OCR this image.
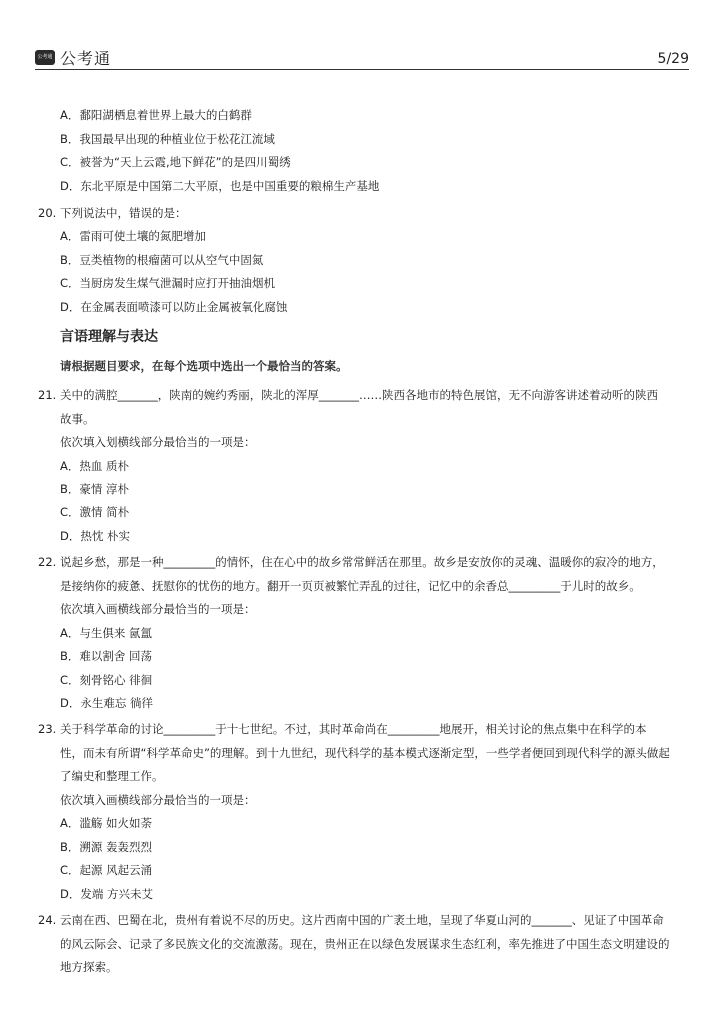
公考通 公考通	5/29
A．鄱阳湖栖息着世界上最大的白鹤群
B．我国最早出现的种植业位于松花江流域
C．被誉为“天上云霞,地下鲜花”的是四川蜀绣
D．东北平原是中国第二大平原，也是中国重要的粮棉生产基地
20. 下列说法中，错误的是：
A．雷雨可使土壤的氮肥增加
B．豆类植物的根瘤菌可以从空气中固氮
C．当厨房发生煤气泄漏时应打开抽油烟机
D．在金属表面喷漆可以防止金属被氧化腐蚀
言语理解与表达
请根据题目要求，在每个选项中选出一个最恰当的答案。
21. 关中的满腔_______，陕南的婉约秀丽，陕北的浑厚_______……陕西各地市的特色展馆，无不向游客讲述着动听的陕西
故事。
依次填入划横线部分最恰当的一项是：
A．热血 质朴
B．豪情 淳朴
C．激情 简朴
D．热忱 朴实
22. 说起乡愁，那是一种_________的情怀，住在心中的故乡常常鲜活在那里。故乡是安放你的灵魂、温暖你的寂冷的地方，
是接纳你的疲惫、抚慰你的忧伤的地方。翻开一页页被繁忙弄乱的过往，记忆中的余香总_________于儿时的故乡。
依次填入画横线部分最恰当的一项是：
A．与生俱来 氤氲
B．难以割舍 回荡
C．刻骨铭心 徘徊
D．永生难忘 徜徉
23. 关于科学革命的讨论_________于十七世纪。不过，其时革命尚在_________地展开，相关讨论的焦点集中在科学的本
性，而未有所谓“科学革命史”的理解。到十九世纪，现代科学的基本模式逐渐定型，一些学者便回到现代科学的源头做起
了编史和整理工作。
依次填入画横线部分最恰当的一项是：
A．滥觞 如火如荼
B．溯源 轰轰烈烈
C．起源 风起云涌
D．发端 方兴未艾
24. 云南在西、巴蜀在北，贵州有着说不尽的历史。这片西南中国的广袤土地，呈现了华夏山河的_______、见证了中国革命
的风云际会、记录了多民族文化的交流激荡。现在，贵州正在以绿色发展谋求生态红利，率先推进了中国生态文明建设的
地方探索。
